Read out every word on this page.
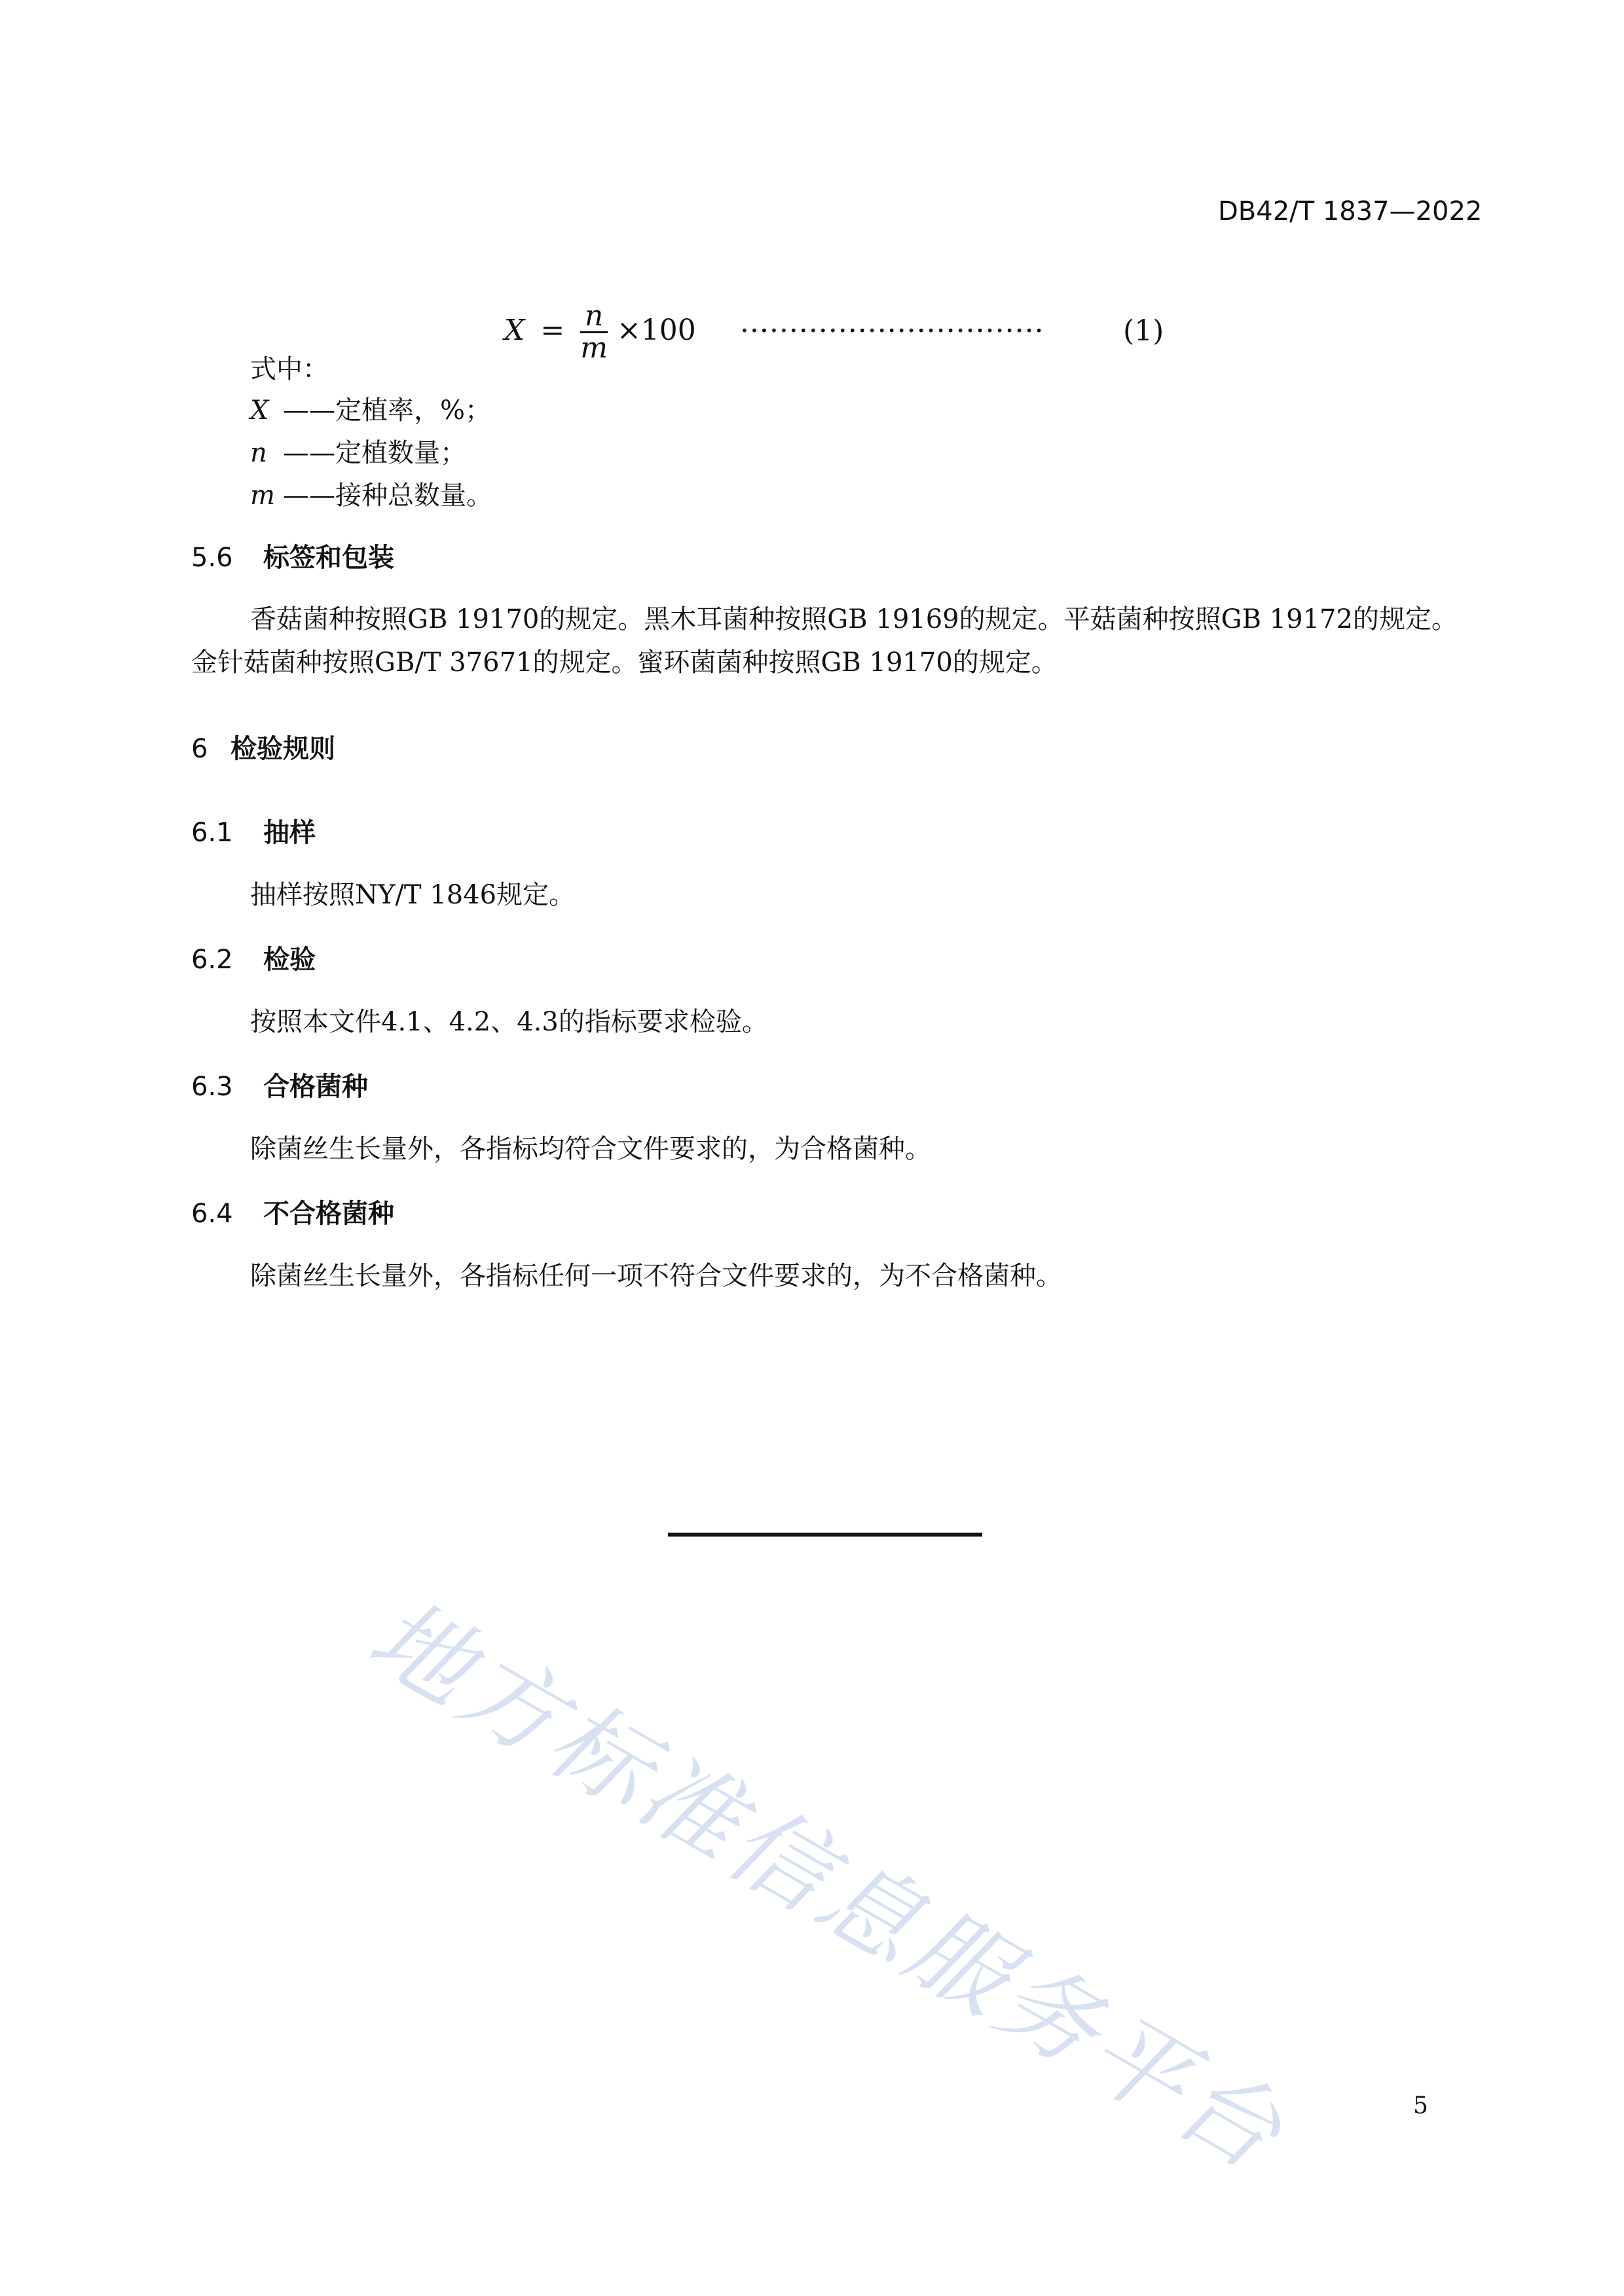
DB42/T 1837—2022
$X = \frac{n}{m} \times 100$ ·······························	(1)
式中：
X ——定植率，%；
n ——定植数量；
m ——接种总数量。
5.6 标签和包装
香菇菌种按照GB 19170的规定。黑木耳菌种按照GB 19169的规定。平菇菌种按照GB 19172的规定。
金针菇菌种按照GB/T 37671的规定。蜜环菌菌种按照GB 19170的规定。
6 检验规则
6.1 抽样
抽样按照NY/T 1846规定。
6.2 检验
按照本文件4.1、4.2、4.3的指标要求检验。
6.3 合格菌种
除菌丝生长量外，各指标均符合文件要求的，为合格菌种。
6.4 不合格菌种
除菌丝生长量外，各指标任何一项不符合文件要求的，为不合格菌种。
地方标准信息服务平台	5
